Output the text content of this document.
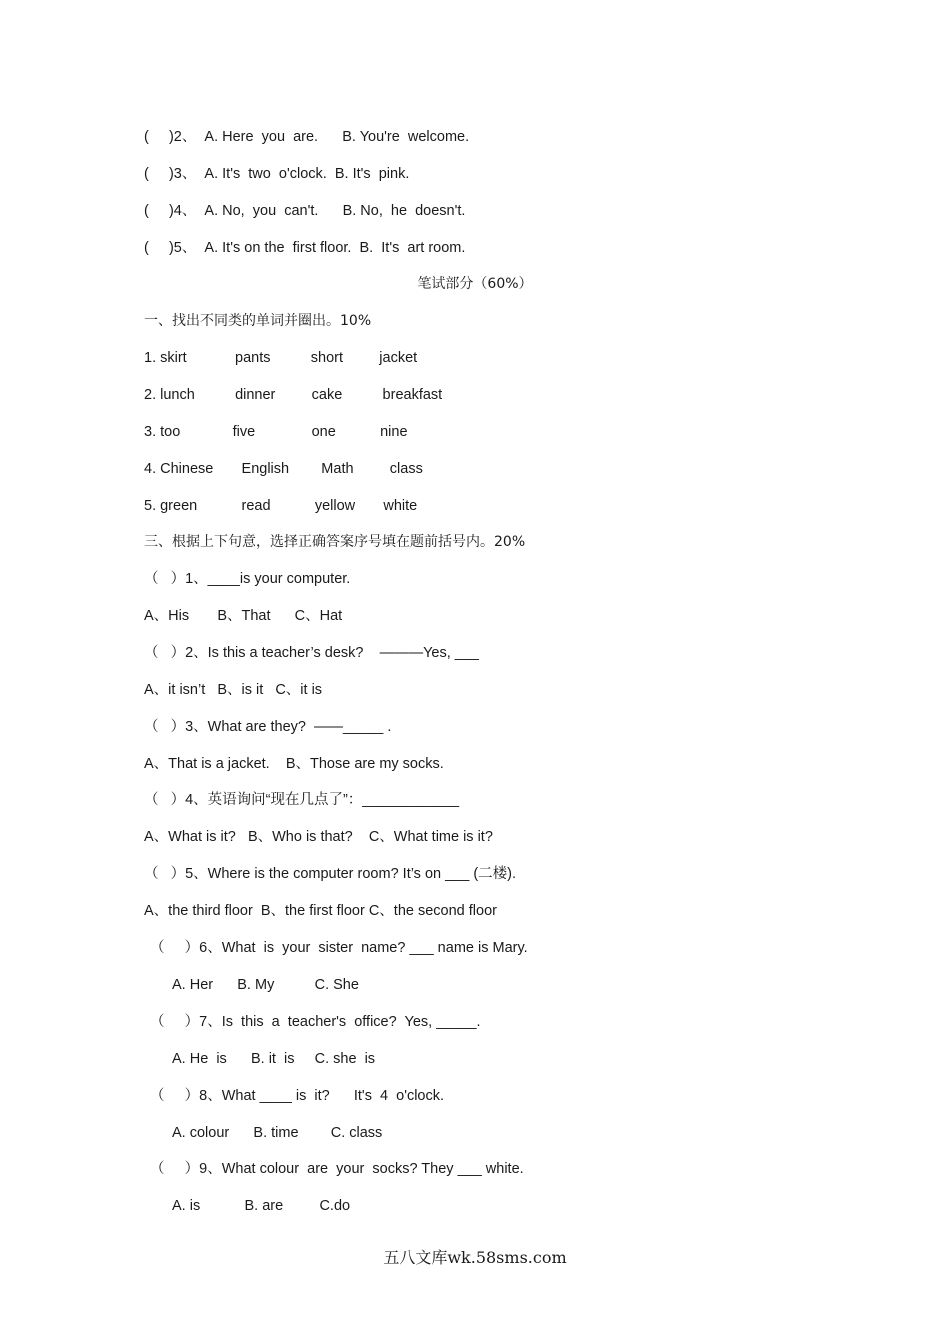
(     )2、  A. Here  you  are.      B. You're  welcome.
(     )3、  A. It's  two  o'clock.  B. It's  pink.
(     )4、  A. No,  you  can't.      B. No,  he  doesn't.
(     )5、  A. It's on the  first floor.  B.  It's  art room.
笔试部分（60%）
一、找出不同类的单词并圈出。10%
1. skirt            pants          short         jacket
2. lunch          dinner         cake          breakfast
3. too             five              one           nine
4. Chinese       English        Math         class
5. green           read           yellow       white
三、根据上下句意，选择正确答案序号填在题前括号内。20%
（   ）1、____is your computer.
A、His       B、That      C、Hat
（   ）2、Is this a teacher’s desk?    ———Yes, ___
A、it isn’t   B、is it   C、it is
（   ）3、What are they?  ——_____ .
A、That is a jacket.    B、Those are my socks.
（   ）4、英语询问“现在几点了”：____________
A、What is it?   B、Who is that?    C、What time is it?
（   ）5、Where is the computer room? It’s on ___ (二楼).
A、the third floor  B、the first floor C、the second floor
（     ）6、What  is  your  sister  name? ___ name is Mary.
A. Her      B. My          C. She
（     ）7、Is  this  a  teacher's  office?  Yes, _____.
A. He  is      B. it  is     C. she  is
（     ）8、What ____ is  it?      It's  4  o'clock.
A. colour      B. time        C. class
（     ）9、What colour  are  your  socks? They ___ white.
A. is           B. are         C.do
五八文库wk.58sms.com
